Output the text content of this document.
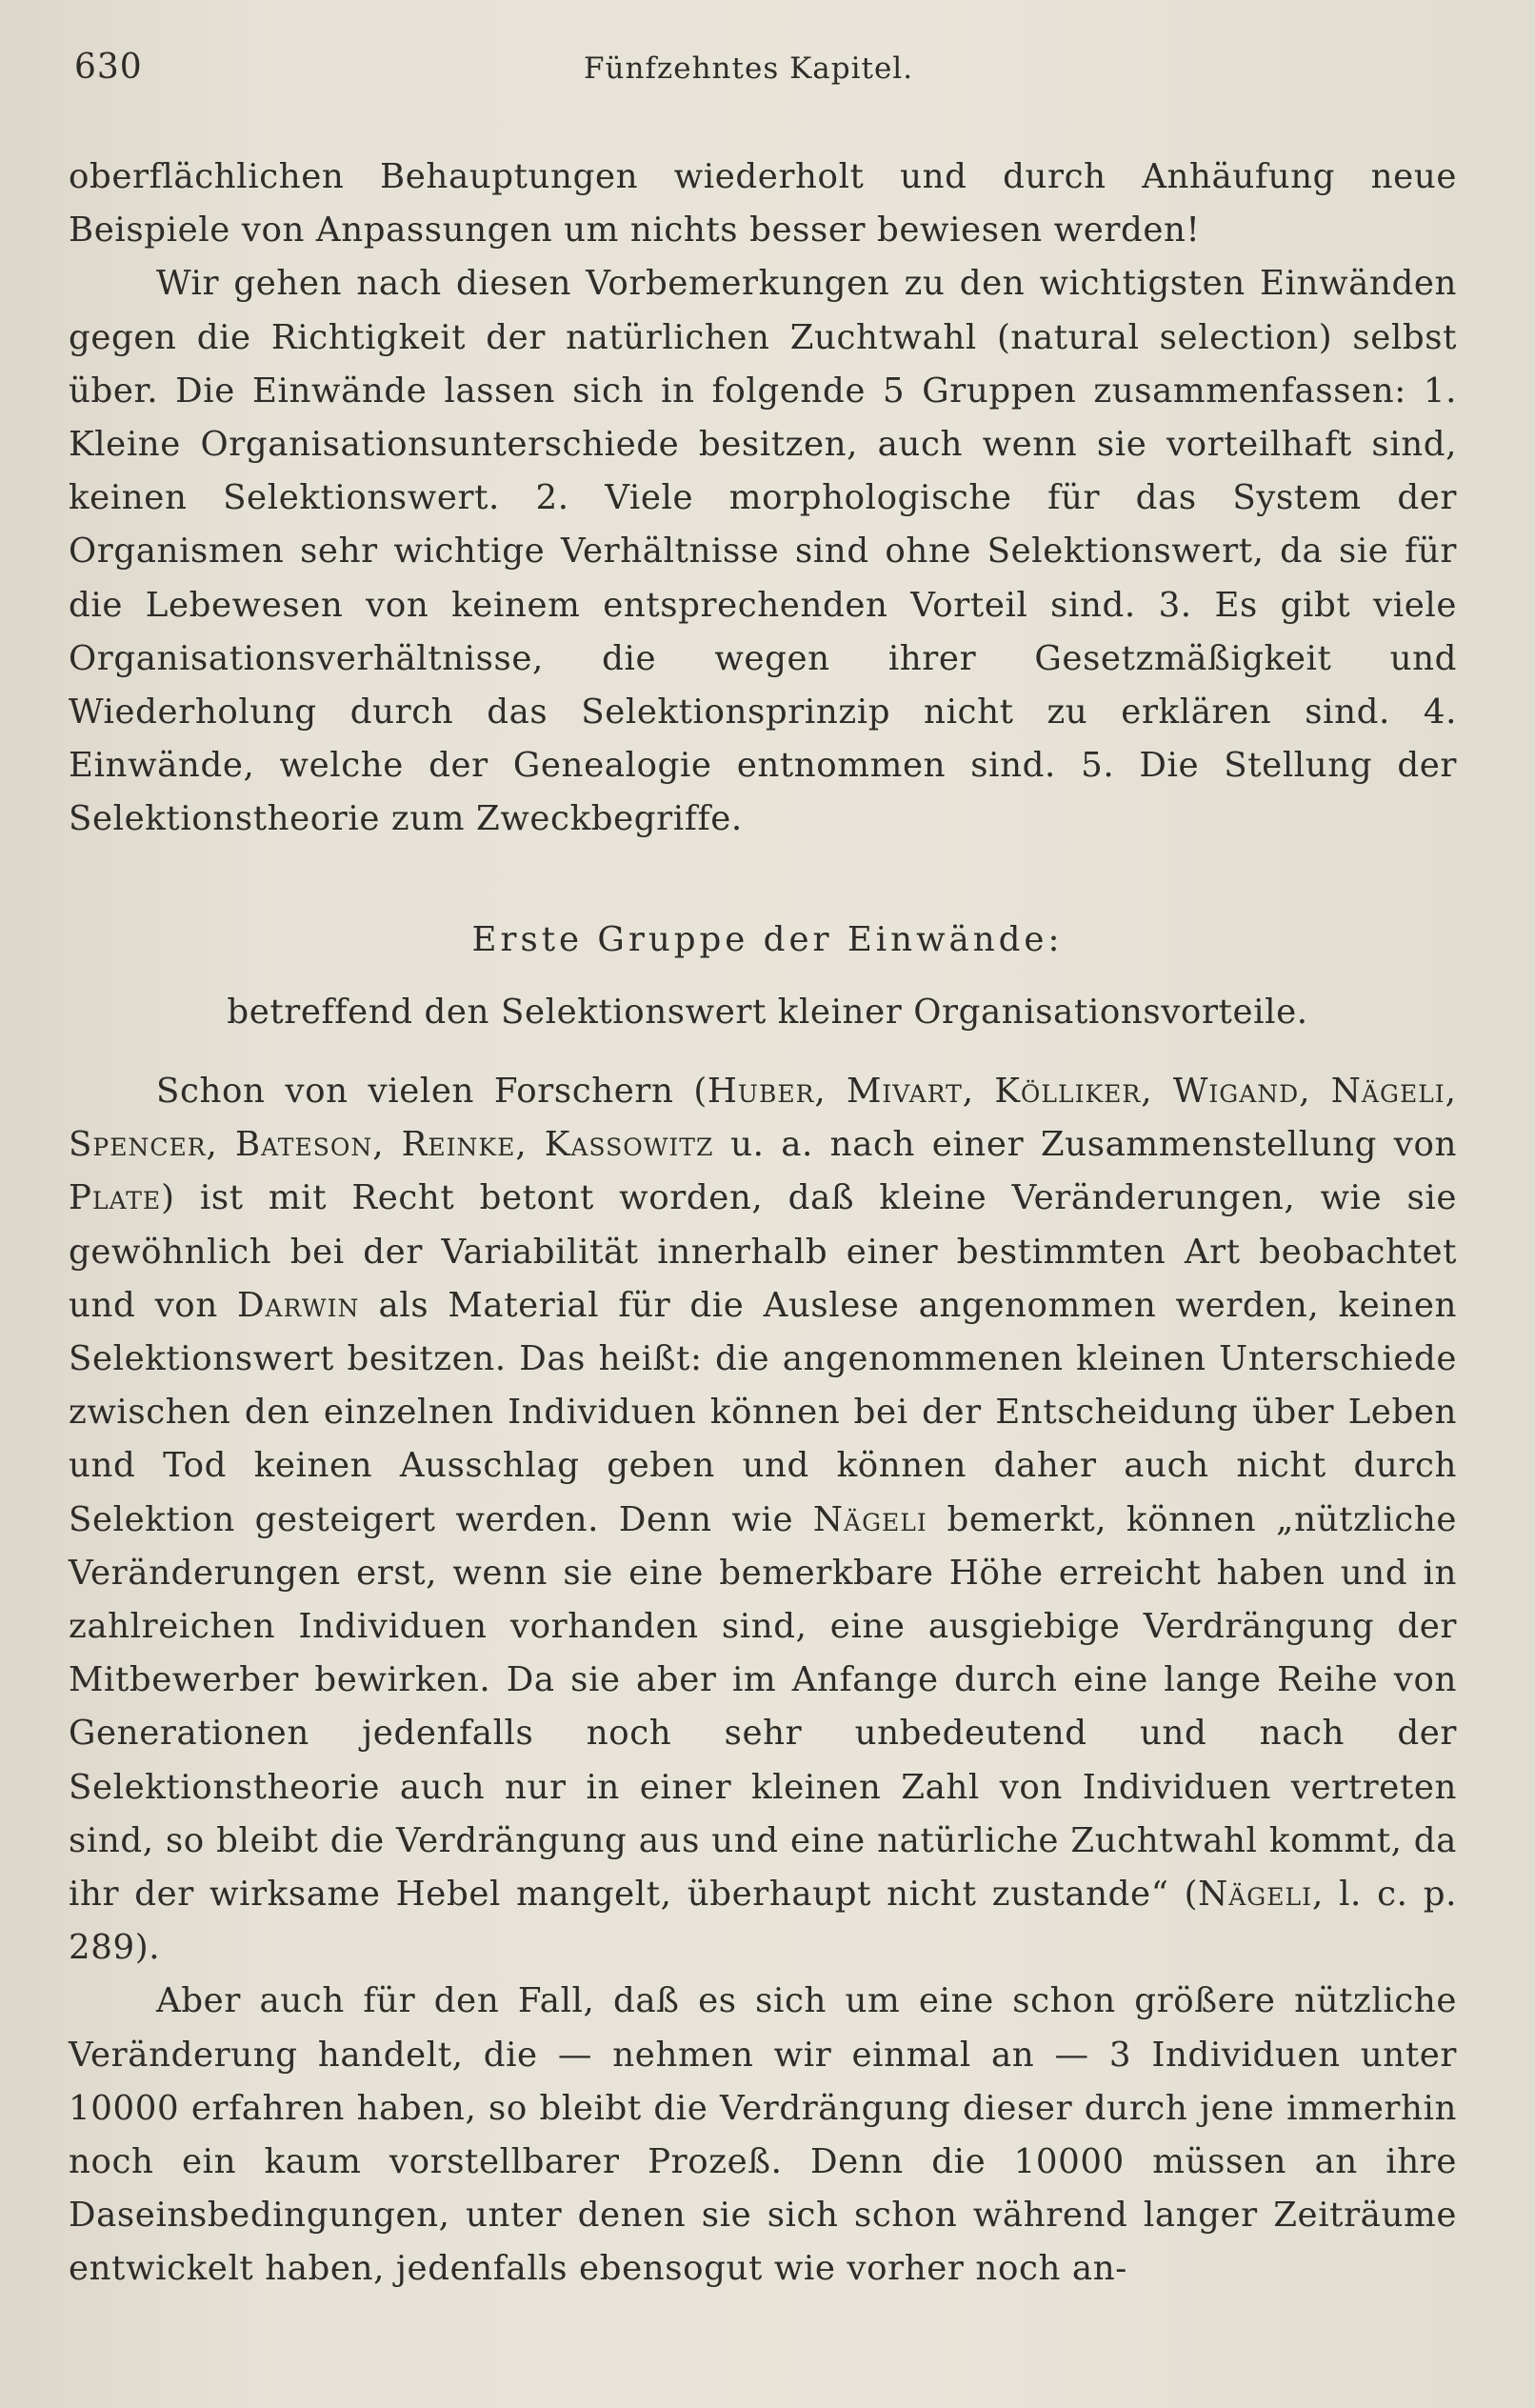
630	Fünfzehntes Kapitel.

oberflächlichen Behauptungen wiederholt und durch Anhäufung neue Beispiele von Anpassungen um nichts besser bewiesen werden!

Wir gehen nach diesen Vorbemerkungen zu den wichtigsten Einwänden gegen die Richtigkeit der natürlichen Zuchtwahl (natural selection) selbst über. Die Einwände lassen sich in folgende 5 Gruppen zusammenfassen: 1. Kleine Organisationsunterschiede besitzen, auch wenn sie vorteilhaft sind, keinen Selektionswert. 2. Viele morphologische für das System der Organismen sehr wichtige Verhältnisse sind ohne Selektionswert, da sie für die Lebewesen von keinem entsprechenden Vorteil sind. 3. Es gibt viele Organisationsverhältnisse, die wegen ihrer Gesetzmäßigkeit und Wiederholung durch das Selektionsprinzip nicht zu erklären sind. 4. Einwände, welche der Genealogie entnommen sind. 5. Die Stellung der Selektionstheorie zum Zweckbegriffe.

Erste Gruppe der Einwände:
betreffend den Selektionswert kleiner Organisationsvorteile.

Schon von vielen Forschern (Huber, Mivart, Kölliker, Wigand, Nägeli, Spencer, Bateson, Reinke, Kassowitz u. a. nach einer Zusammenstellung von Plate) ist mit Recht betont worden, daß kleine Veränderungen, wie sie gewöhnlich bei der Variabilität innerhalb einer bestimmten Art beobachtet und von Darwin als Material für die Auslese angenommen werden, keinen Selektionswert besitzen. Das heißt: die angenommenen kleinen Unterschiede zwischen den einzelnen Individuen können bei der Entscheidung über Leben und Tod keinen Ausschlag geben und können daher auch nicht durch Selektion gesteigert werden. Denn wie Nägeli bemerkt, können „nützliche Veränderungen erst, wenn sie eine bemerkbare Höhe erreicht haben und in zahlreichen Individuen vorhanden sind, eine ausgiebige Verdrängung der Mitbewerber bewirken. Da sie aber im Anfange durch eine lange Reihe von Generationen jedenfalls noch sehr unbedeutend und nach der Selektionstheorie auch nur in einer kleinen Zahl von Individuen vertreten sind, so bleibt die Verdrängung aus und eine natürliche Zuchtwahl kommt, da ihr der wirksame Hebel mangelt, überhaupt nicht zustande“ (Nägeli, l. c. p. 289).

Aber auch für den Fall, daß es sich um eine schon größere nützliche Veränderung handelt, die — nehmen wir einmal an — 3 Individuen unter 10000 erfahren haben, so bleibt die Verdrängung dieser durch jene immerhin noch ein kaum vorstellbarer Prozeß. Denn die 10000 müssen an ihre Daseinsbedingungen, unter denen sie sich schon während langer Zeiträume entwickelt haben, jedenfalls ebensogut wie vorher noch an-
